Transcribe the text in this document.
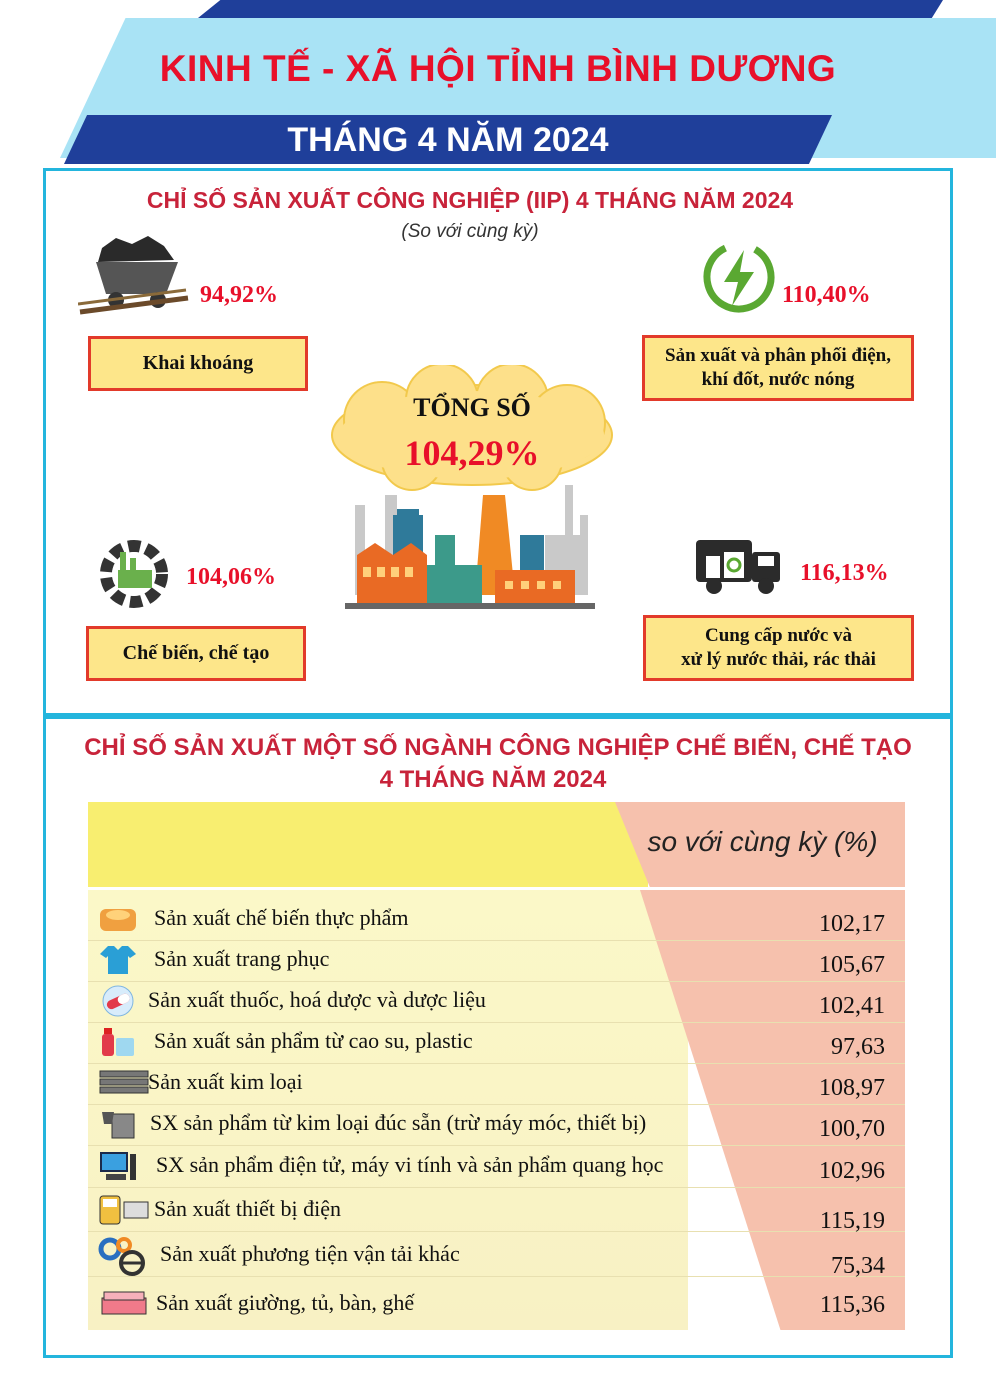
KINH TẾ - XÃ HỘI TỈNH BÌNH DƯƠNG
THÁNG 4 NĂM 2024
CHỈ SỐ SẢN XUẤT CÔNG NGHIỆP (IIP) 4 THÁNG NĂM 2024
(So với cùng kỳ)
94,92%
Khai khoáng
110,40%
Sản xuất và phân phối điện,
khí đốt, nước nóng
TỔNG SỐ
104,29%
104,06%
Chế biến, chế tạo
116,13%
Cung cấp nước và
xử lý nước thải, rác thải
CHỈ SỐ SẢN XUẤT MỘT SỐ NGÀNH CÔNG NGHIỆP CHẾ BIẾN, CHẾ TẠO
4 THÁNG NĂM 2024
so với cùng kỳ (%)
Sản xuất chế biến thực phẩm	102,17
Sản xuất trang phục	105,67
Sản xuất thuốc, hoá dược và dược liệu	102,41
Sản xuất sản phẩm từ cao su, plastic	97,63
Sản xuất kim loại	108,97
SX sản phẩm từ kim loại đúc sẵn (trừ máy móc, thiết bị)	100,70
SX sản phẩm điện tử, máy vi tính và sản phẩm quang học	102,96
Sản xuất thiết bị điện	115,19
Sản xuất phương tiện vận tải khác	75,34
Sản xuất giường, tủ, bàn, ghế	115,36
